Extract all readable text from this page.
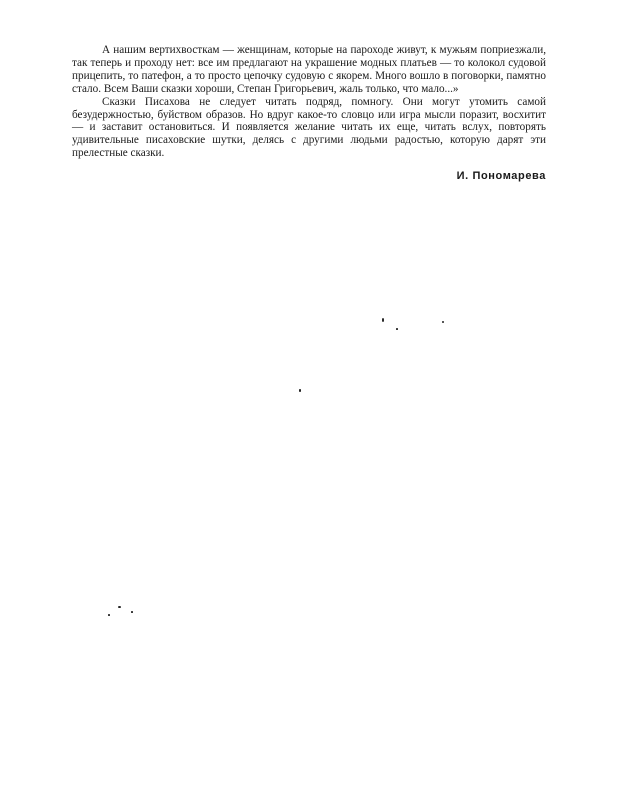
А нашим вертихвосткам — женщинам, которые на пароходе живут, к мужьям поприезжали, так теперь и проходу нет: все им предлагают на украшение модных платьев — то колокол судовой прицепить, то патефон, а то просто цепочку судовую с якорем. Много вошло в поговорки, памятно стало. Всем Ваши сказки хороши, Степан Григорьевич, жаль только, что мало...»

Сказки Писахова не следует читать подряд, помногу. Они могут утомить самой безудержностью, буйством образов. Но вдруг какое-то словцо или игра мысли поразит, восхитит — и заставит остановиться. И появляется желание читать их еще, читать вслух, повторять удивительные писаховские шутки, делясь с другими людьми радостью, которую дарят эти прелестные сказки.

И. Пономарева
